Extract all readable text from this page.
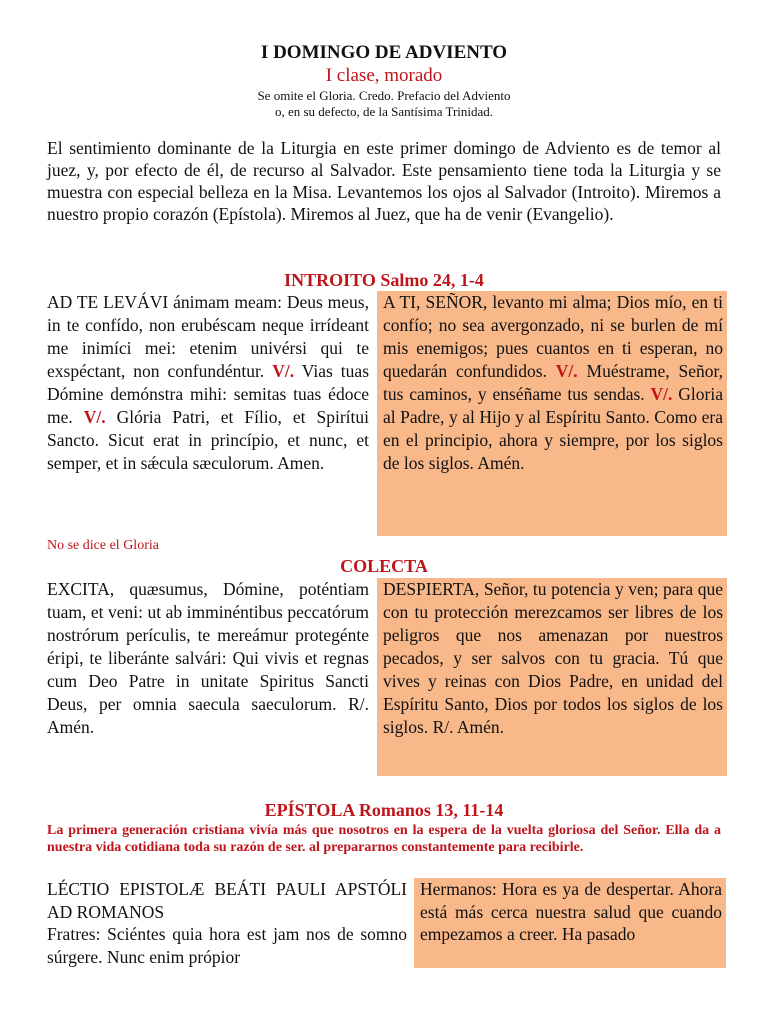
I DOMINGO DE ADVIENTO
I clase, morado
Se omite el Gloria. Credo. Prefacio del Adviento
o, en su defecto, de la Santísima Trinidad.
El sentimiento dominante de la Liturgia en este primer domingo de Adviento es de temor al juez, y, por efecto de él, de recurso al Salvador. Este pensamiento tiene toda la Liturgia y se muestra con especial belleza en la Misa. Levantemos los ojos al Salvador (Introito). Miremos a nuestro propio corazón (Epístola). Miremos al Juez, que ha de venir (Evangelio).
INTROITO Salmo 24, 1-4
AD TE LEVÁVI ánimam meam: Deus meus, in te confído, non erubéscam neque irrídeant me inimíci mei: etenim univérsi qui te exspéctant, non confundéntur. V/. Vias tuas Dómine demónstra mihi: semitas tuas édoce me. V/. Glória Patri, et Fílio, et Spirítui Sancto. Sicut erat in princípio, et nunc, et semper, et in sǽcula sæculorum. Amen.
A TI, SEÑOR, levanto mi alma; Dios mío, en ti confío; no sea avergonzado, ni se burlen de mí mis enemigos; pues cuantos en ti esperan, no quedarán confundidos. V/. Muéstrame, Señor, tus caminos, y enséñame tus sendas. V/. Gloria al Padre, y al Hijo y al Espíritu Santo. Como era en el principio, ahora y siempre, por los siglos de los siglos. Amén.
No se dice el Gloria
COLECTA
EXCITA, quæsumus, Dómine, poténtiam tuam, et veni: ut ab imminéntibus peccatórum nostrórum perículis, te mereámur protegénte éripi, te liberánte salvári: Qui vivis et regnas cum Deo Patre in unitate Spiritus Sancti Deus, per omnia saecula saeculorum. R/. Amén.
DESPIERTA, Señor, tu potencia y ven; para que con tu protección merezcamos ser libres de los peligros que nos amenazan por nuestros pecados, y ser salvos con tu gracia. Tú que vives y reinas con Dios Padre, en unidad del Espíritu Santo, Dios por todos los siglos de los siglos. R/. Amén.
EPÍSTOLA Romanos 13, 11-14
La primera generación cristiana vivía más que nosotros en la espera de la vuelta gloriosa del Señor. Ella da a nuestra vida cotidiana toda su razón de ser. al prepararnos constantemente para recibirle.
LÉCTIO EPISTOLÆ BEÁTI PAULI APSTÓLI AD ROMANOS
Fratres: Sciéntes quia hora est jam nos de somno súrgere. Nunc enim própior
Hermanos: Hora es ya de despertar. Ahora está más cerca nuestra salud que cuando empezamos a creer. Ha pasado
